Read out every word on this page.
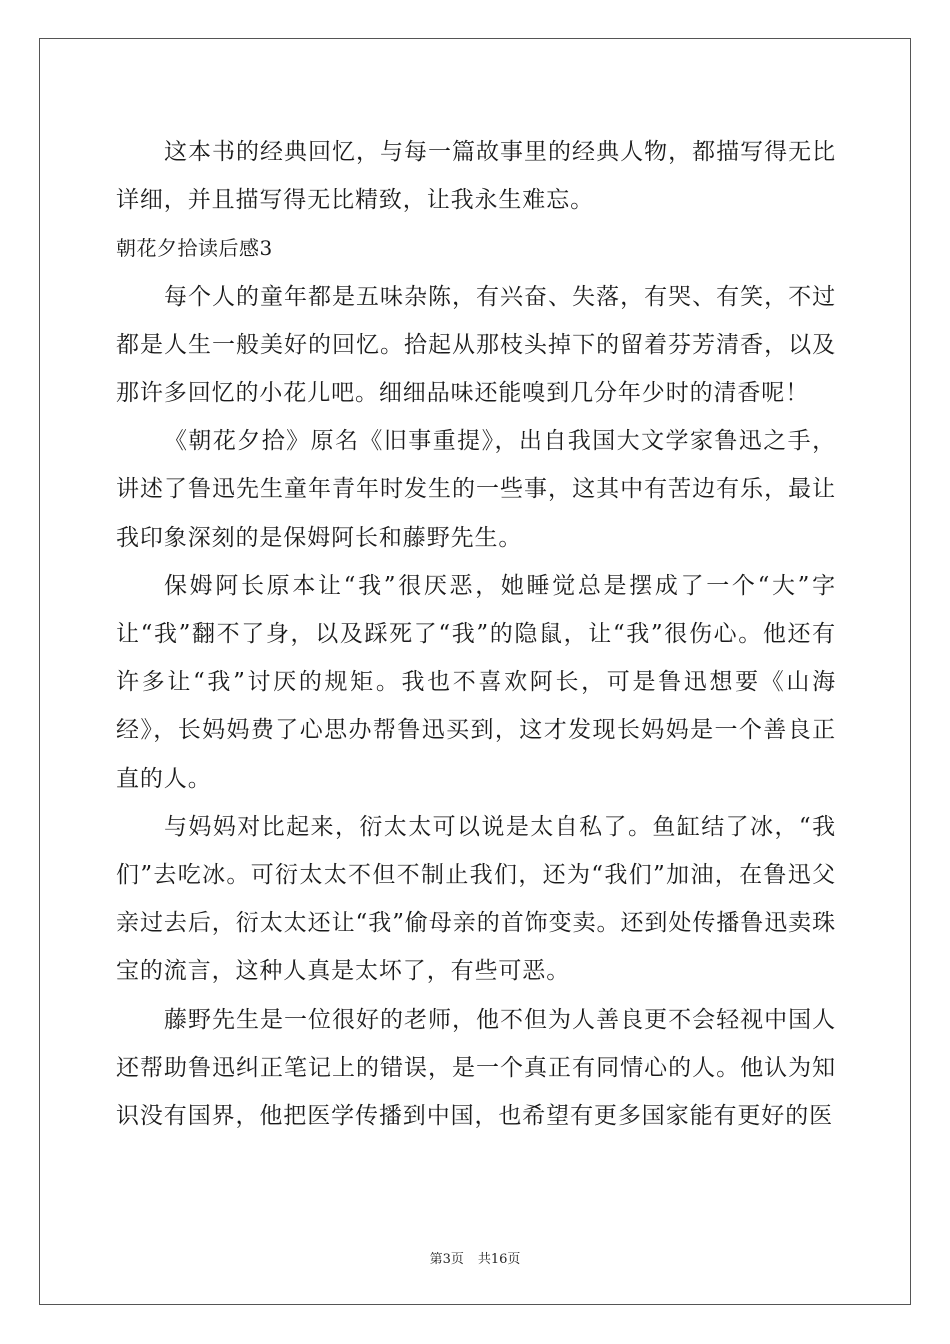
这本书的经典回忆，与每一篇故事里的经典人物，都描写得无比详细，并且描写得无比精致，让我永生难忘。

朝花夕拾读后感3

每个人的童年都是五味杂陈，有兴奋、失落，有哭、有笑，不过都是人生一般美好的回忆。拾起从那枝头掉下的留着芬芳清香，以及那许多回忆的小花儿吧。细细品味还能嗅到几分年少时的清香呢！

《朝花夕拾》原名《旧事重提》，出自我国大文学家鲁迅之手，讲述了鲁迅先生童年青年时发生的一些事，这其中有苦边有乐，最让我印象深刻的是保姆阿长和藤野先生。

保姆阿长原本让“我”很厌恶，她睡觉总是摆成了一个“大”字让“我”翻不了身，以及踩死了“我”的隐鼠，让“我”很伤心。他还有许多让“我”讨厌的规矩。我也不喜欢阿长，可是鲁迅想要《山海经》，长妈妈费了心思办帮鲁迅买到，这才发现长妈妈是一个善良正直的人。

与妈妈对比起来，衍太太可以说是太自私了。鱼缸结了冰，“我们”去吃冰。可衍太太不但不制止我们，还为“我们”加油，在鲁迅父亲过去后，衍太太还让“我”偷母亲的首饰变卖。还到处传播鲁迅卖珠宝的流言，这种人真是太坏了，有些可恶。

藤野先生是一位很好的老师，他不但为人善良更不会轻视中国人还帮助鲁迅纠正笔记上的错误，是一个真正有同情心的人。他认为知识没有国界，他把医学传播到中国，也希望有更多国家能有更好的医

第3页 共16页
